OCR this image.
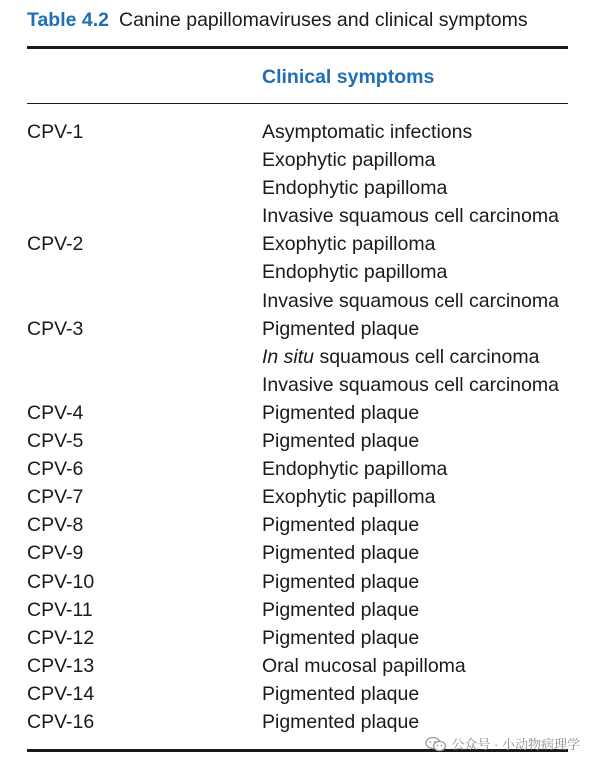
Table 4.2 Canine papillomaviruses and clinical symptoms
Clinical symptoms
CPV-1	Asymptomatic infections
Exophytic papilloma
Endophytic papilloma
Invasive squamous cell carcinoma
CPV-2	Exophytic papilloma
Endophytic papilloma
Invasive squamous cell carcinoma
CPV-3	Pigmented plaque
In situ squamous cell carcinoma
Invasive squamous cell carcinoma
CPV-4	Pigmented plaque
CPV-5	Pigmented plaque
CPV-6	Endophytic papilloma
CPV-7	Exophytic papilloma
CPV-8	Pigmented plaque
CPV-9	Pigmented plaque
CPV-10	Pigmented plaque
CPV-11	Pigmented plaque
CPV-12	Pigmented plaque
CPV-13	Oral mucosal papilloma
CPV-14	Pigmented plaque
CPV-16	Pigmented plaque
公众号 · 小动物病理学
